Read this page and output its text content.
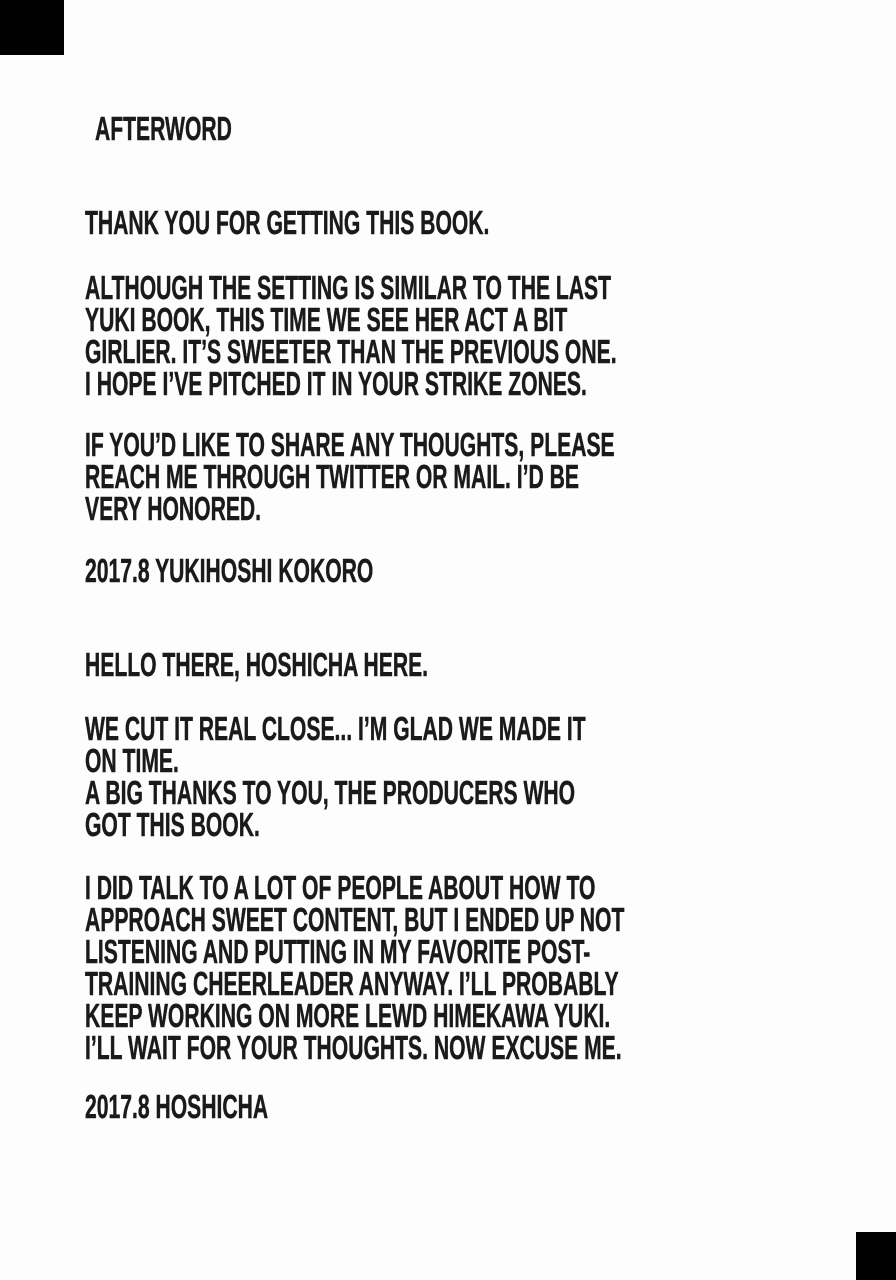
AFTERWORD
THANK YOU FOR GETTING THIS BOOK.
ALTHOUGH THE SETTING IS SIMILAR TO THE LAST
YUKI BOOK, THIS TIME WE SEE HER ACT A BIT
GIRLIER. IT’S SWEETER THAN THE PREVIOUS ONE.
I HOPE I’VE PITCHED IT IN YOUR STRIKE ZONES.
IF YOU’D LIKE TO SHARE ANY THOUGHTS, PLEASE
REACH ME THROUGH TWITTER OR MAIL. I’D BE
VERY HONORED.
2017.8 YUKIHOSHI KOKORO
HELLO THERE, HOSHICHA HERE.
WE CUT IT REAL CLOSE... I’M GLAD WE MADE IT
ON TIME.
A BIG THANKS TO YOU, THE PRODUCERS WHO
GOT THIS BOOK.
I DID TALK TO A LOT OF PEOPLE ABOUT HOW TO
APPROACH SWEET CONTENT, BUT I ENDED UP NOT
LISTENING AND PUTTING IN MY FAVORITE POST-
TRAINING CHEERLEADER ANYWAY. I’LL PROBABLY
KEEP WORKING ON MORE LEWD HIMEKAWA YUKI.
I’LL WAIT FOR YOUR THOUGHTS. NOW EXCUSE ME.
2017.8 HOSHICHA
